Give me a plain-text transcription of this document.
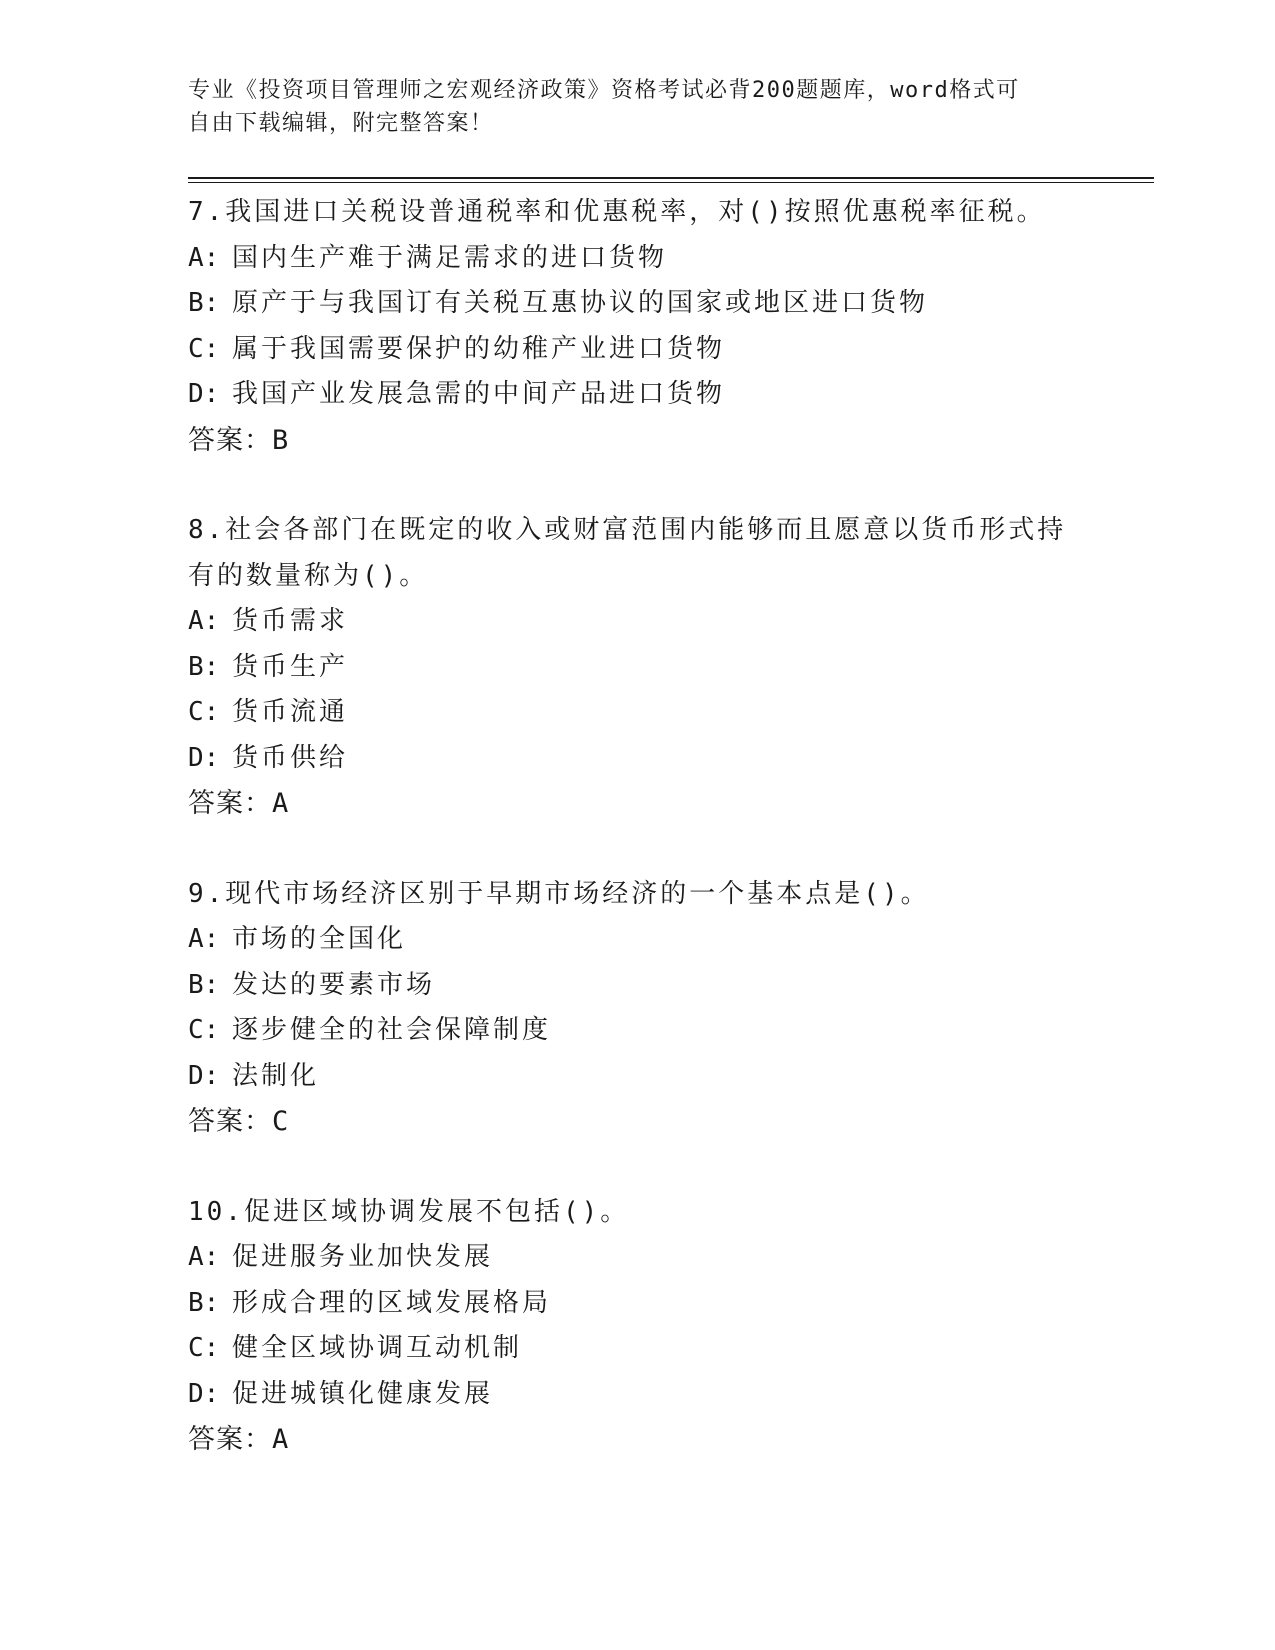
专业《投资项目管理师之宏观经济政策》资格考试必背200题题库，word格式可
自由下载编辑，附完整答案！
7.我国进口关税设普通税率和优惠税率，对()按照优惠税率征税。
A: 国内生产难于满足需求的进口货物
B: 原产于与我国订有关税互惠协议的国家或地区进口货物
C: 属于我国需要保护的幼稚产业进口货物
D: 我国产业发展急需的中间产品进口货物
答案：B
8.社会各部门在既定的收入或财富范围内能够而且愿意以货币形式持
有的数量称为()。
A: 货币需求
B: 货币生产
C: 货币流通
D: 货币供给
答案：A
9.现代市场经济区别于早期市场经济的一个基本点是()。
A: 市场的全国化
B: 发达的要素市场
C: 逐步健全的社会保障制度
D: 法制化
答案：C
10.促进区域协调发展不包括()。
A: 促进服务业加快发展
B: 形成合理的区域发展格局
C: 健全区域协调互动机制
D: 促进城镇化健康发展
答案：A
